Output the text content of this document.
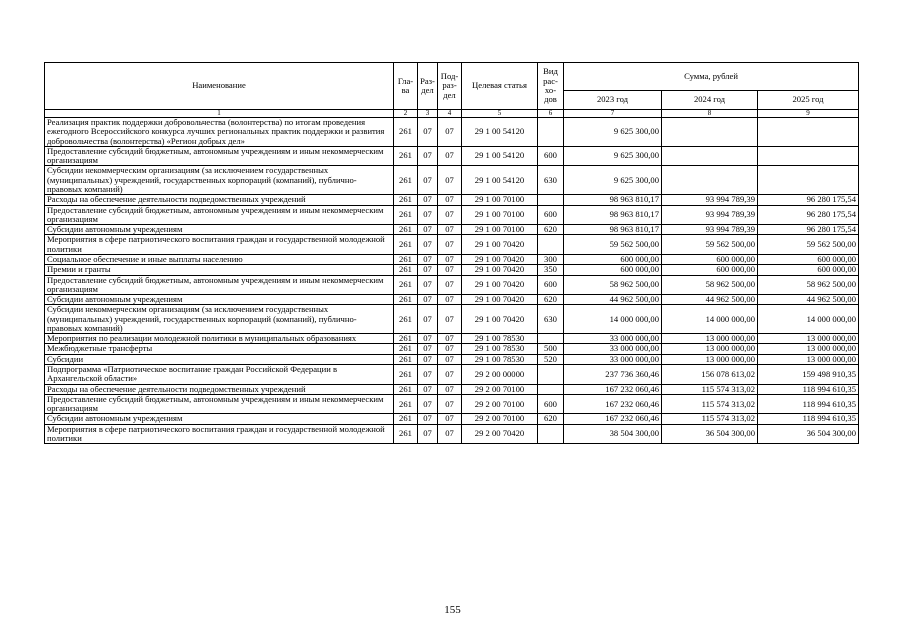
Наименование	Гла-ва	Раз-дел	Под-раз-дел	Целевая статья	Вид рас-хо-дов	Сумма, рублей		
						2023 год	2024 год	2025 год
1	2	3	4	5	6	7	8	9
Реализация практик поддержки добровольчества (волонтерства) по итогам проведения ежегодного Всероссийского конкурса лучших региональных практик поддержки и развития добровольчества (волонтерства) «Регион добрых дел»	261	07	07	29 1 00 54120		9 625 300,00		
Предоставление субсидий бюджетным, автономным учреждениям и иным некоммерческим организациям	261	07	07	29 1 00 54120	600	9 625 300,00		
Субсидии некоммерческим организациям (за исключением государственных (муниципальных) учреждений, государственных корпораций (компаний), публично-правовых компаний)	261	07	07	29 1 00 54120	630	9 625 300,00		
Расходы на обеспечение деятельности подведомственных учреждений	261	07	07	29 1 00 70100		98 963 810,17	93 994 789,39	96 280 175,54
Предоставление субсидий бюджетным, автономным учреждениям и иным некоммерческим организациям	261	07	07	29 1 00 70100	600	98 963 810,17	93 994 789,39	96 280 175,54
Субсидии автономным учреждениям	261	07	07	29 1 00 70100	620	98 963 810,17	93 994 789,39	96 280 175,54
Мероприятия в сфере патриотического воспитания граждан и государственной молодежной политики	261	07	07	29 1 00 70420		59 562 500,00	59 562 500,00	59 562 500,00
Социальное обеспечение и иные выплаты населению	261	07	07	29 1 00 70420	300	600 000,00	600 000,00	600 000,00
Премии и гранты	261	07	07	29 1 00 70420	350	600 000,00	600 000,00	600 000,00
Предоставление субсидий бюджетным, автономным учреждениям и иным некоммерческим организациям	261	07	07	29 1 00 70420	600	58 962 500,00	58 962 500,00	58 962 500,00
Субсидии автономным учреждениям	261	07	07	29 1 00 70420	620	44 962 500,00	44 962 500,00	44 962 500,00
Субсидии некоммерческим организациям (за исключением государственных (муниципальных) учреждений, государственных корпораций (компаний), публично-правовых компаний)	261	07	07	29 1 00 70420	630	14 000 000,00	14 000 000,00	14 000 000,00
Мероприятия по реализации молодежной политики в муниципальных образованиях	261	07	07	29 1 00 78530		33 000 000,00	13 000 000,00	13 000 000,00
Межбюджетные трансферты	261	07	07	29 1 00 78530	500	33 000 000,00	13 000 000,00	13 000 000,00
Субсидии	261	07	07	29 1 00 78530	520	33 000 000,00	13 000 000,00	13 000 000,00
Подпрограмма «Патриотическое воспитание граждан Российской Федерации в Архангельской области»	261	07	07	29 2 00 00000		237 736 360,46	156 078 613,02	159 498 910,35
Расходы на обеспечение деятельности подведомственных учреждений	261	07	07	29 2 00 70100		167 232 060,46	115 574 313,02	118 994 610,35
Предоставление субсидий бюджетным, автономным учреждениям и иным некоммерческим организациям	261	07	07	29 2 00 70100	600	167 232 060,46	115 574 313,02	118 994 610,35
Субсидии автономным учреждениям	261	07	07	29 2 00 70100	620	167 232 060,46	115 574 313,02	118 994 610,35
Мероприятия в сфере патриотического воспитания граждан и государственной молодежной политики	261	07	07	29 2 00 70420		38 504 300,00	36 504 300,00	36 504 300,00
155
